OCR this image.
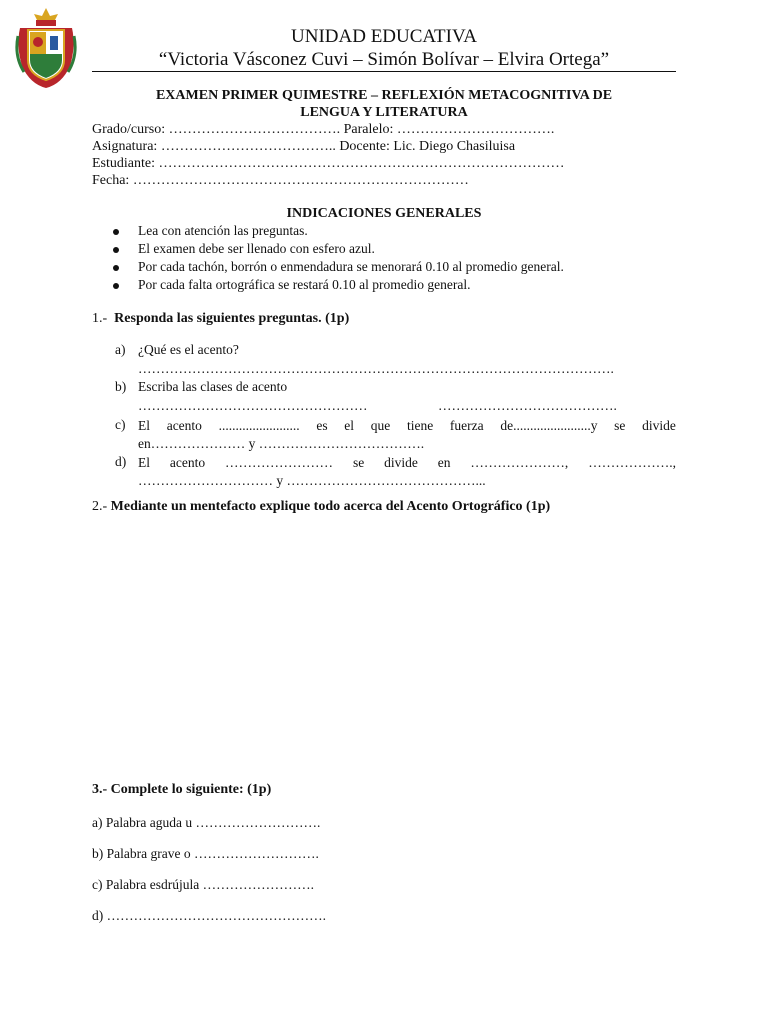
UNIDAD EDUCATIVA
“Victoria Vásconez Cuvi – Simón Bolívar – Elvira Ortega”
EXAMEN PRIMER QUIMESTRE – REFLEXIÓN METACOGNITIVA DE
LENGUA Y LITERATURA
Grado/curso: ………………………………. Paralelo: …………………………….
Asignatura: ……………………………….. Docente: Lic. Diego Chasiluisa
Estudiante: ……………………………………………………………………………
Fecha: ………………………………………………………………
INDICACIONES GENERALES
Lea con atención las preguntas.
El examen debe ser llenado con esfero azul.
Por cada tachón, borrón o enmendadura se menorará 0.10 al promedio general.
Por cada falta ortográfica se restará 0.10 al promedio general.
1.- Responda las siguientes preguntas. (1p)
a) ¿Qué es el acento?
…………………………………………………………………………………………….
b) Escriba las clases de acento
……………………………………………	………………………………….
c) El acento ........................ es el que tiene fuerza de.......................y se divide
en………………… y ……………………………….
d) El acento …………………… se divide en …………………, ……………….,
………………………… y ……………………………………...
2.- Mediante un mentefacto explique todo acerca del Acento Ortográfico (1p)
3.- Complete lo siguiente: (1p)
a) Palabra aguda u ……………………….
b) Palabra grave o ……………………….
c) Palabra esdrújula …………………….
d) ………………………………………….
